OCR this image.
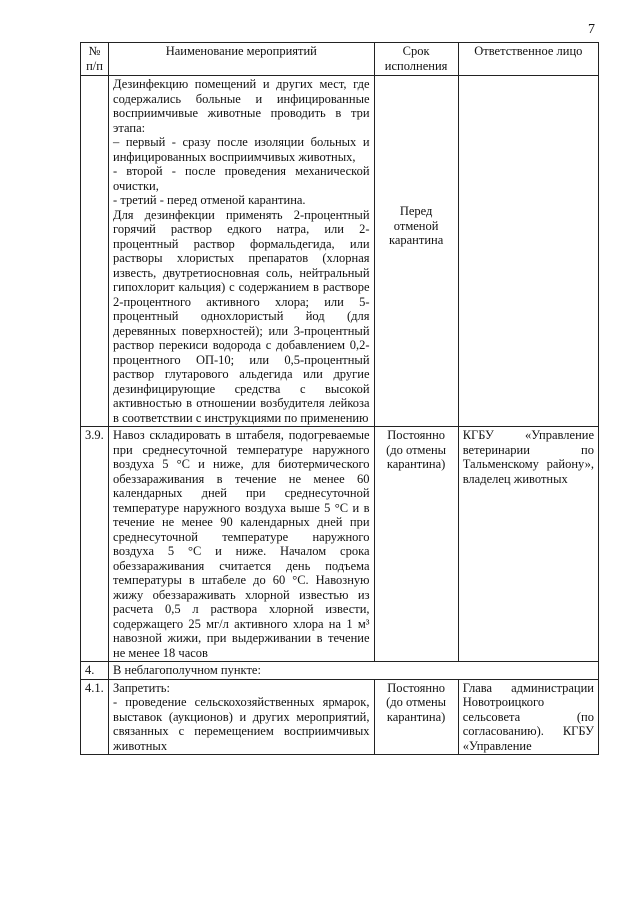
7
№ п/п	Наименование мероприятий	Срок исполнения	Ответственное лицо

	Дезинфекцию помещений и других мест, где содержались больные и инфицированные восприимчивые животные проводить в три этапа:

– первый - сразу после изоляции больных и инфицированных восприимчивых животных,

- второй - после проведения механической очистки,

- третий - перед отменой карантина.

Для дезинфекции применять 2-процентный горячий раствор едкого натра, или 2-процентный раствор формальдегида, или растворы хлористых препаратов (хлорная известь, двутретиосновная соль, нейтральный гипохлорит кальция) с содержанием в растворе 2-процентного активного хлора; или 5-процентный однохлористый йод (для деревянных поверхностей); или 3-процентный раствор перекиси водорода с добавлением 0,2-процентного ОП-10; или 0,5-процентный раствор глутарового альдегида или другие дезинфицирующие средства с высокой активностью в отношении возбудителя лейкоза в соответствии с инструкциями по применению	Перед отменой карантина	
3.9.	Навоз складировать в штабеля, подогреваемые при среднесуточной температуре наружного воздуха 5 °С и ниже, для биотермического обеззараживания в течение не менее 60 календарных дней при среднесуточной температуре наружного воздуха выше 5 °С и в течение не менее 90 календарных дней при среднесуточной температуре наружного воздуха 5 °С и ниже. Началом срока обеззараживания считается день подъема температуры в штабеле до 60 °С. Навозную жижу обеззараживать хлорной известью из расчета 0,5 л раствора хлорной извести, содержащего 25 мг/л активного хлора на 1 м³ навозной жижи, при выдерживании в течение не менее 18 часов	Постоянно (до отмены карантина)	КГБУ «Управление ветеринарии по Тальменскому району», владелец животных
4.	В неблагополучном пункте:		
4.1.	Запретить:

- проведение сельскохозяйственных ярмарок, выставок (аукционов) и других мероприятий, связанных с перемещением восприимчивых животных	Постоянно (до отмены карантина)	Глава администрации Новотроицкого сельсовета (по согласованию). КГБУ «Управление
